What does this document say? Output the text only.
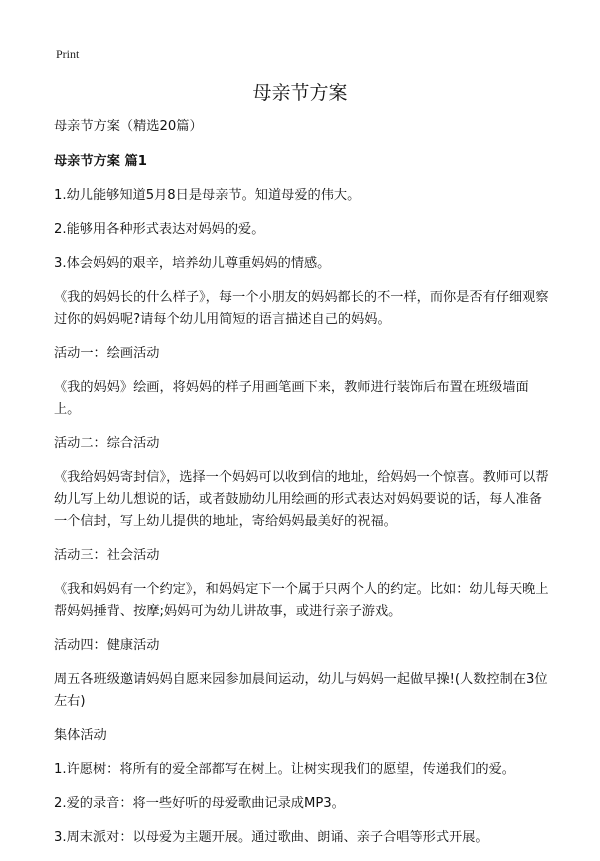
Print
母亲节方案

母亲节方案（精选20篇）

母亲节方案 篇1

1.幼儿能够知道5月8日是母亲节。知道母爱的伟大。

2.能够用各种形式表达对妈妈的爱。

3.体会妈妈的艰辛，培养幼儿尊重妈妈的情感。

《我的妈妈长的什么样子》，每一个小朋友的妈妈都长的不一样，而你是否有仔细观察过你的妈妈呢?请每个幼儿用简短的语言描述自己的妈妈。

活动一：绘画活动

《我的妈妈》绘画，将妈妈的样子用画笔画下来，教师进行装饰后布置在班级墙面上。

活动二：综合活动

《我给妈妈寄封信》，选择一个妈妈可以收到信的地址，给妈妈一个惊喜。教师可以帮幼儿写上幼儿想说的话，或者鼓励幼儿用绘画的形式表达对妈妈要说的话，每人准备一个信封，写上幼儿提供的地址，寄给妈妈最美好的祝福。

活动三：社会活动

《我和妈妈有一个约定》，和妈妈定下一个属于只两个人的约定。比如：幼儿每天晚上帮妈妈捶背、按摩;妈妈可为幼儿讲故事，或进行亲子游戏。

活动四：健康活动

周五各班级邀请妈妈自愿来园参加晨间运动，幼儿与妈妈一起做早操!(人数控制在3位左右)

集体活动

1.许愿树：将所有的爱全部都写在树上。让树实现我们的愿望，传递我们的爱。

2.爱的录音：将一些好听的母爱歌曲记录成MP3。

3.周末派对：以母爱为主题开展。通过歌曲、朗诵、亲子合唱等形式开展。
